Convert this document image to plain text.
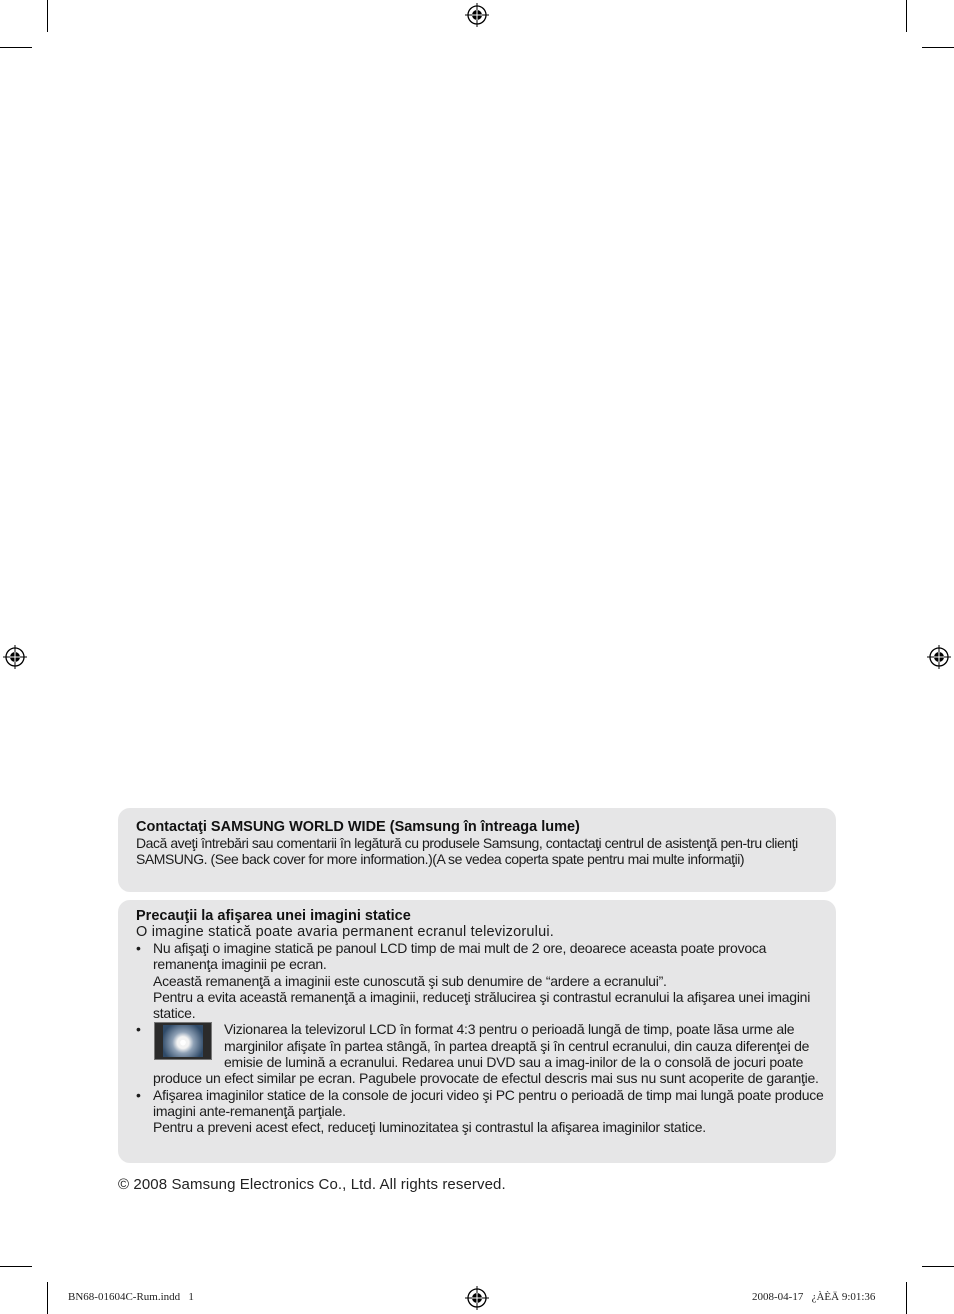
Contactaţi SAMSUNG WORLD WIDE (Samsung în întreaga lume)
Dacă aveţi întrebări sau comentarii în legătură cu produsele Samsung, contactaţi centrul de asistenţă pen-tru clienţi SAMSUNG. (See back cover for more information.)(A se vedea coperta spate pentru mai multe informaţii)
Precauţii la afişarea unei imagini statice
O imagine statică poate avaria permanent ecranul televizorului.
• Nu afişaţi o imagine statică pe panoul LCD timp de mai mult de 2 ore, deoarece aceasta poate provoca remanenţa imaginii pe ecran.
Această remanenţă a imaginii este cunoscută şi sub denumire de “ardere a ecranului”.
Pentru a evita această remanenţă a imaginii, reduceţi strălucirea şi contrastul ecranului la afişarea unei imagini statice.
•	Vizionarea la televizorul LCD în format 4:3 pentru o perioadă lungă de timp, poate lăsa urme ale marginilor afişate în partea stângă, în partea dreaptă şi în centrul ecranului, din cauza diferenţei de emisie de lumină a ecranului. Redarea unui DVD sau a imag-inilor de la o consolă de jocuri poate produce un efect similar pe ecran. Pagubele provocate de efectul descris mai sus nu sunt acoperite de garanţie.
• Afişarea imaginilor statice de la console de jocuri video şi PC pentru o perioadă de timp mai lungă poate produce imagini ante-remanenţă parţiale.
Pentru a preveni acest efect, reduceţi luminozitatea şi contrastul la afişarea imaginilor statice.
© 2008 Samsung Electronics Co., Ltd. All rights reserved.
BN68-01604C-Rum.indd   1	2008-04-17   ¿ÀÈÄ 9:01:36
